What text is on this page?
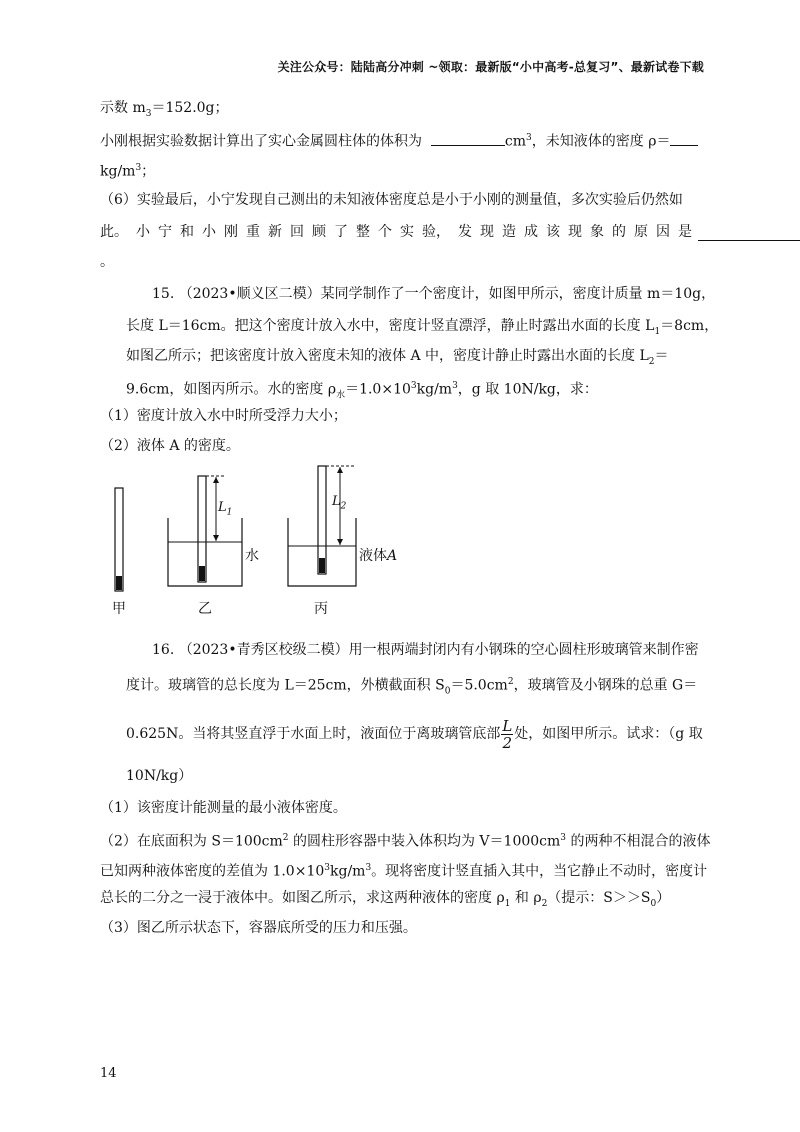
关注公众号：陆陆高分冲刺 ~领取：最新版“小中高考-总复习”、最新试卷下载
示数 $m_3=152.0g$；
小刚根据实验数据计算出了实心金属圆柱体的体积为	$cm^3$，未知液体的密度 ρ＝
$kg/m^3$；
（6）实验最后，小宁发现自己测出的未知液体密度总是小于小刚的测量值，多次实验后仍然如
此。 小 宁 和 小 刚 重 新 回 顾 了 整 个 实 验， 发 现 造 成 该 现 象 的 原 因 是
。
15. （2023•顺义区二模）某同学制作了一个密度计，如图甲所示，密度计质量 m＝10g，
长度 L＝16cm。把这个密度计放入水中，密度计竖直漂浮，静止时露出水面的长度 $L_1=8cm$，
如图乙所示；把该密度计放入密度未知的液体 A 中，密度计静止时露出水面的长度 $L_2=$
9.6cm，如图丙所示。水的密度 $\rho_水=1.0\times 10^3kg/m^3$，g 取 10N/kg，求：
（1）密度计放入水中时所受浮力大小；
（2）液体 A 的密度。
$L_1$
$L_2$
水	液体A
甲	乙	丙
16. （2023•青秀区校级二模）用一根两端封闭内有小钢珠的空心圆柱形玻璃管来制作密
度计。玻璃管的总长度为 L＝25cm，外横截面积 $S_0=5.0cm^2$，玻璃管及小钢珠的总重 G＝
0.625N。当将其竖直浮于水面上时，液面位于离玻璃管底部 $\frac{L}{2}$ 处，如图甲所示。试求：（g 取
10N/kg）
（1）该密度计能测量的最小液体密度。
（2）在底面积为 $S=100cm^2$ 的圆柱形容器中装入体积均为 $V=1000cm^3$ 的两种不相混合的液体
已知两种液体密度的差值为 $1.0\times 10^3kg/m^3$。现将密度计竖直插入其中，当它静止不动时，密度计
总长的二分之一浸于液体中。如图乙所示，求这两种液体的密度 $\rho_1$ 和 $\rho_2$（提示：$S>>S_0$）
（3）图乙所示状态下，容器底所受的压力和压强。
14
